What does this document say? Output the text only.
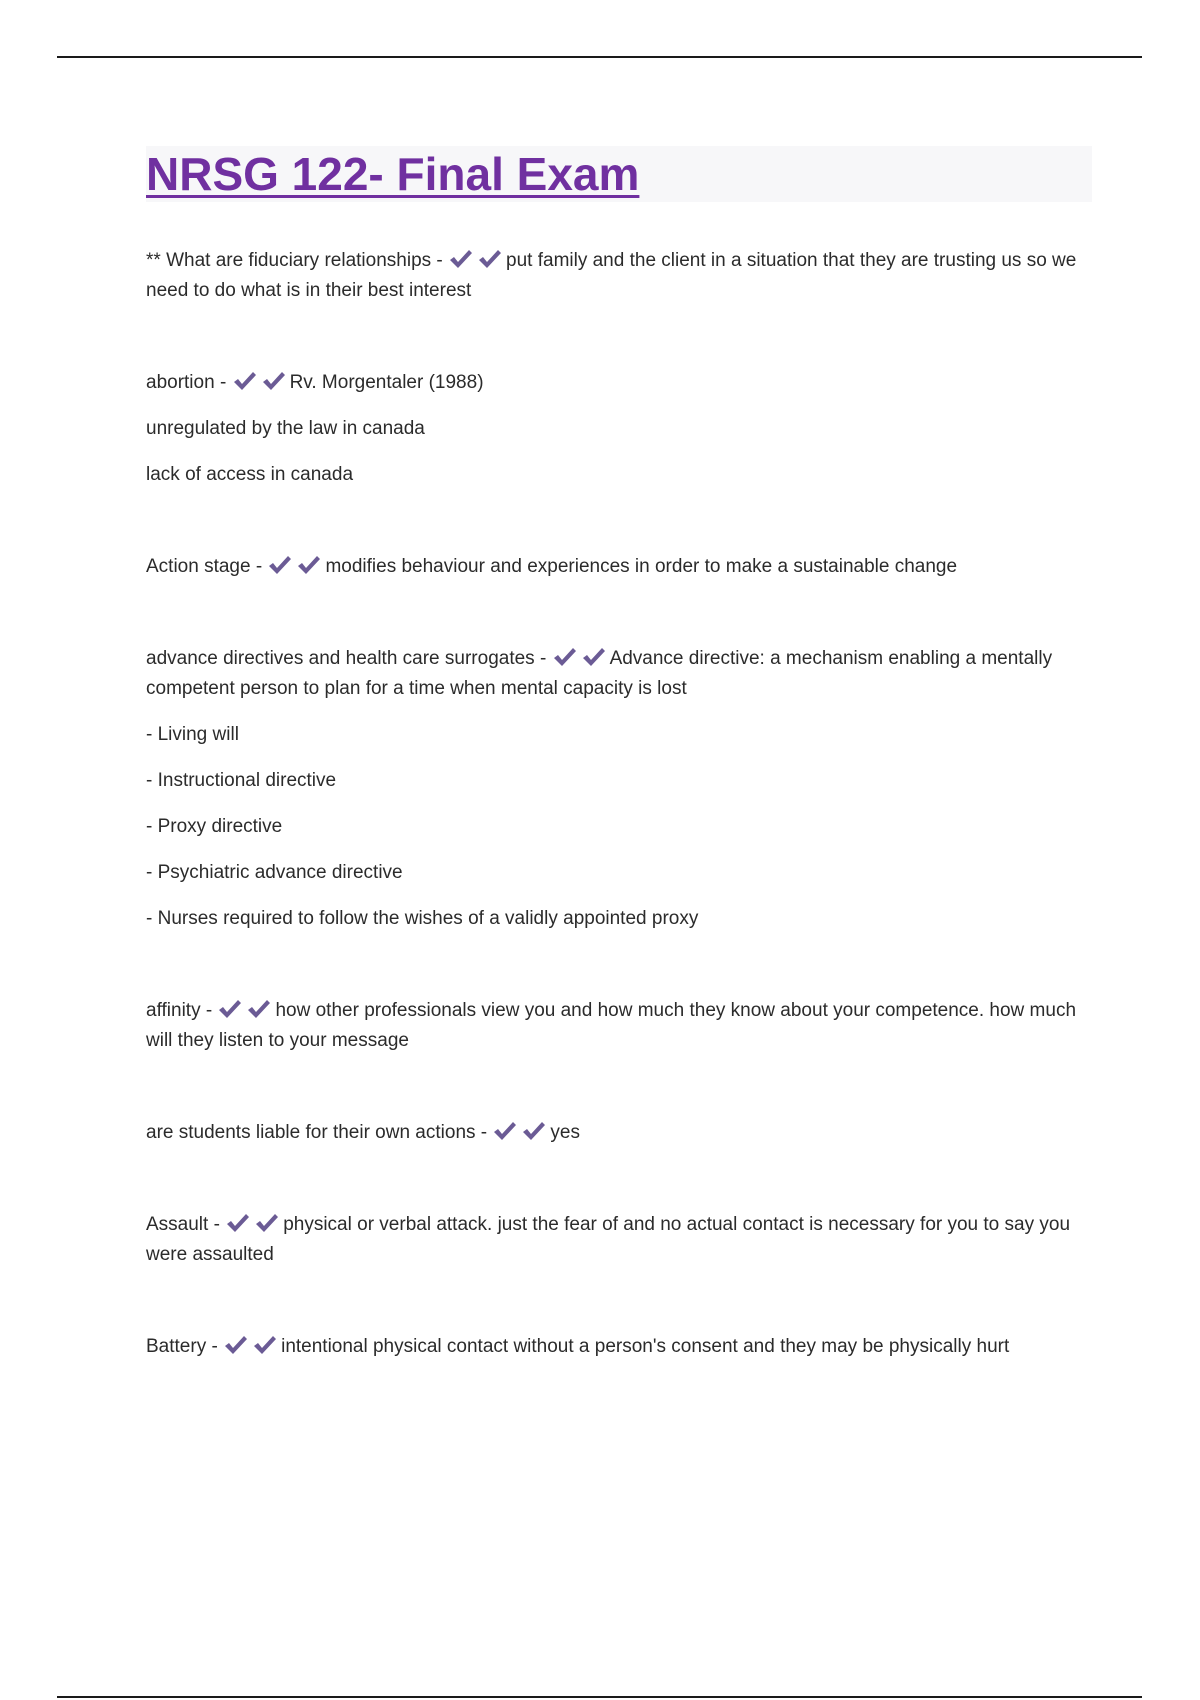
NRSG 122- Final Exam
** What are fiduciary relationships -	put family and the client in a situation that they are trusting us so we need to do what is in their best interest
abortion -	Rv. Morgentaler (1988)
unregulated by the law in canada
lack of access in canada
Action stage -	modifies behaviour and experiences in order to make a sustainable change
advance directives and health care surrogates -	Advance directive: a mechanism enabling a mentally competent person to plan for a time when mental capacity is lost
- Living will
- Instructional directive
- Proxy directive
- Psychiatric advance directive
- Nurses required to follow the wishes of a validly appointed proxy
affinity -	how other professionals view you and how much they know about your competence. how much will they listen to your message
are students liable for their own actions -	yes
Assault -	physical or verbal attack. just the fear of and no actual contact is necessary for you to say you were assaulted
Battery -	intentional physical contact without a person's consent and they may be physically hurt
